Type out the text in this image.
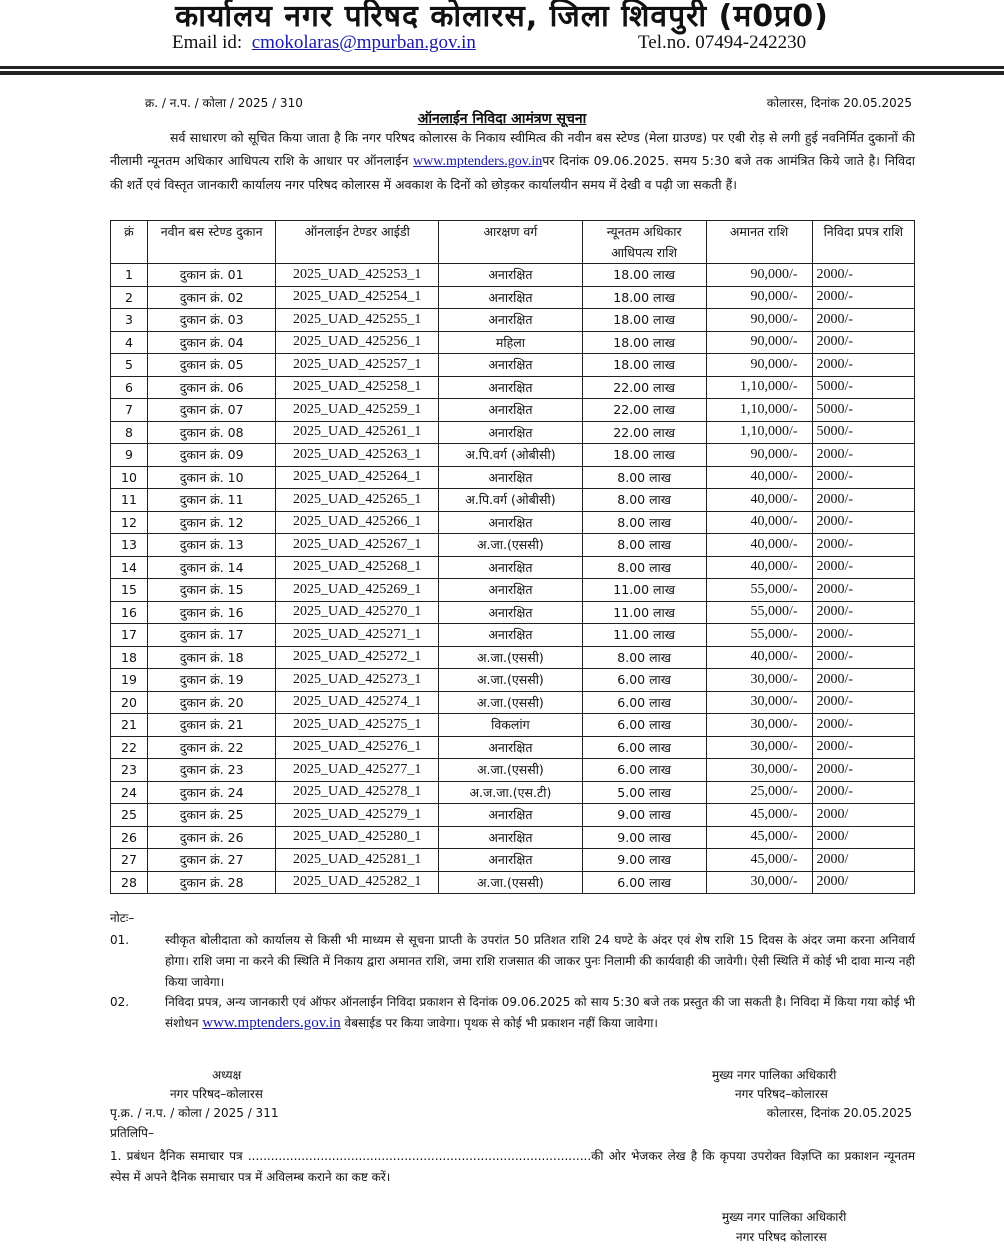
कार्यालय नगर परिषद कोलारस, जिला शिवपुरी (म0प्र0)
Email id: cmokolaras@mpurban.gov.in	Tel.no. 07494-242230
क्र. / न.प. / कोला / 2025 / 310	कोलारस, दिनांक 20.05.2025
ऑनलाईन निविदा आमंत्रण सूचना
सर्व साधारण को सूचित किया जाता है कि नगर परिषद कोलारस के निकाय स्वीमित्व की नवीन बस स्टेण्ड (मेला ग्राउण्ड) पर एबी रोड़ से लगी हुई नवनिर्मित दुकानों की नीलामी न्यूनतम अधिकार आधिपत्य राशि के आधार पर ऑनलाईन www.mptenders.gov.inपर दिनांक 09.06.2025. समय 5:30 बजे तक आमंत्रित किये जाते है। निविदा की शर्ते एवं विस्तृत जानकारी कार्यालय नगर परिषद कोलारस में अवकाश के दिनों को छोड़कर कार्यालयीन समय में देखी व पढ़ी जा सकती हैं।
क्रं	नवीन बस स्टेण्ड दुकान	ऑनलाईन टेण्डर आईडी	आरक्षण वर्ग	न्यूनतम अधिकार आधिपत्य राशि	अमानत राशि	निविदा प्रपत्र राशि
1	दुकान क्रं. 01	2025_UAD_425253_1	अनारक्षित	18.00 लाख	90,000/-	2000/-
2	दुकान क्रं. 02	2025_UAD_425254_1	अनारक्षित	18.00 लाख	90,000/-	2000/-
3	दुकान क्रं. 03	2025_UAD_425255_1	अनारक्षित	18.00 लाख	90,000/-	2000/-
4	दुकान क्रं. 04	2025_UAD_425256_1	महिला	18.00 लाख	90,000/-	2000/-
5	दुकान क्रं. 05	2025_UAD_425257_1	अनारक्षित	18.00 लाख	90,000/-	2000/-
6	दुकान क्रं. 06	2025_UAD_425258_1	अनारक्षित	22.00 लाख	1,10,000/-	5000/-
7	दुकान क्रं. 07	2025_UAD_425259_1	अनारक्षित	22.00 लाख	1,10,000/-	5000/-
8	दुकान क्रं. 08	2025_UAD_425261_1	अनारक्षित	22.00 लाख	1,10,000/-	5000/-
9	दुकान क्रं. 09	2025_UAD_425263_1	अ.पि.वर्ग (ओबीसी)	18.00 लाख	90,000/-	2000/-
10	दुकान क्रं. 10	2025_UAD_425264_1	अनारक्षित	8.00 लाख	40,000/-	2000/-
11	दुकान क्रं. 11	2025_UAD_425265_1	अ.पि.वर्ग (ओबीसी)	8.00 लाख	40,000/-	2000/-
12	दुकान क्रं. 12	2025_UAD_425266_1	अनारक्षित	8.00 लाख	40,000/-	2000/-
13	दुकान क्रं. 13	2025_UAD_425267_1	अ.जा.(एससी)	8.00 लाख	40,000/-	2000/-
14	दुकान क्रं. 14	2025_UAD_425268_1	अनारक्षित	8.00 लाख	40,000/-	2000/-
15	दुकान क्रं. 15	2025_UAD_425269_1	अनारक्षित	11.00 लाख	55,000/-	2000/-
16	दुकान क्रं. 16	2025_UAD_425270_1	अनारक्षित	11.00 लाख	55,000/-	2000/-
17	दुकान क्रं. 17	2025_UAD_425271_1	अनारक्षित	11.00 लाख	55,000/-	2000/-
18	दुकान क्रं. 18	2025_UAD_425272_1	अ.जा.(एससी)	8.00 लाख	40,000/-	2000/-
19	दुकान क्रं. 19	2025_UAD_425273_1	अ.जा.(एससी)	6.00 लाख	30,000/-	2000/-
20	दुकान क्रं. 20	2025_UAD_425274_1	अ.जा.(एससी)	6.00 लाख	30,000/-	2000/-
21	दुकान क्रं. 21	2025_UAD_425275_1	विकलांग	6.00 लाख	30,000/-	2000/-
22	दुकान क्रं. 22	2025_UAD_425276_1	अनारक्षित	6.00 लाख	30,000/-	2000/-
23	दुकान क्रं. 23	2025_UAD_425277_1	अ.जा.(एससी)	6.00 लाख	30,000/-	2000/-
24	दुकान क्रं. 24	2025_UAD_425278_1	अ.ज.जा.(एस.टी)	5.00 लाख	25,000/-	2000/-
25	दुकान क्रं. 25	2025_UAD_425279_1	अनारक्षित	9.00 लाख	45,000/-	2000/
26	दुकान क्रं. 26	2025_UAD_425280_1	अनारक्षित	9.00 लाख	45,000/-	2000/
27	दुकान क्रं. 27	2025_UAD_425281_1	अनारक्षित	9.00 लाख	45,000/-	2000/
28	दुकान क्रं. 28	2025_UAD_425282_1	अ.जा.(एससी)	6.00 लाख	30,000/-	2000/
नोटः–
01.	स्वीकृत बोलीदाता को कार्यालय से किसी भी माध्यम से सूचना प्राप्ती के उपरांत 50 प्रतिशत राशि 24 घण्टे के अंदर एवं शेष राशि 15 दिवस के अंदर जमा करना अनिवार्य होगा। राशि जमा ना करने की स्थिति में निकाय द्वारा अमानत राशि, जमा राशि राजसात की जाकर पुनः निलामी की कार्यवाही की जावेगी। ऐसी स्थिति में कोई भी दावा मान्य नही किया जावेगा।
02.	निविदा प्रपत्र, अन्य जानकारी एवं ऑफर ऑनलाईन निविदा प्रकाशन से दिनांक 09.06.2025 को साय 5:30 बजे तक प्रस्तुत की जा सकती है। निविदा में किया गया कोई भी संशोधन www.mptenders.gov.in वेबसाईड पर किया जावेगा। पृथक से कोई भी प्रकाशन नहीं किया जावेगा।
अध्यक्ष
नगर परिषद–कोलारस
मुख्य नगर पालिका अधिकारी
नगर परिषद–कोलारस
पृ.क्र. / न.प. / कोला / 2025 / 311	कोलारस, दिनांक 20.05.2025
प्रतिलिपि–
1. प्रबंधन दैनिक समाचार पत्र ..........................................................................................की ओर भेजकर लेख है कि कृपया उपरोक्त विज्ञप्ति का प्रकाशन न्यूनतम स्पेस में अपने दैनिक समाचार पत्र में अविलम्ब कराने का कष्ट करें।
मुख्य नगर पालिका अधिकारी
नगर परिषद कोलारस
